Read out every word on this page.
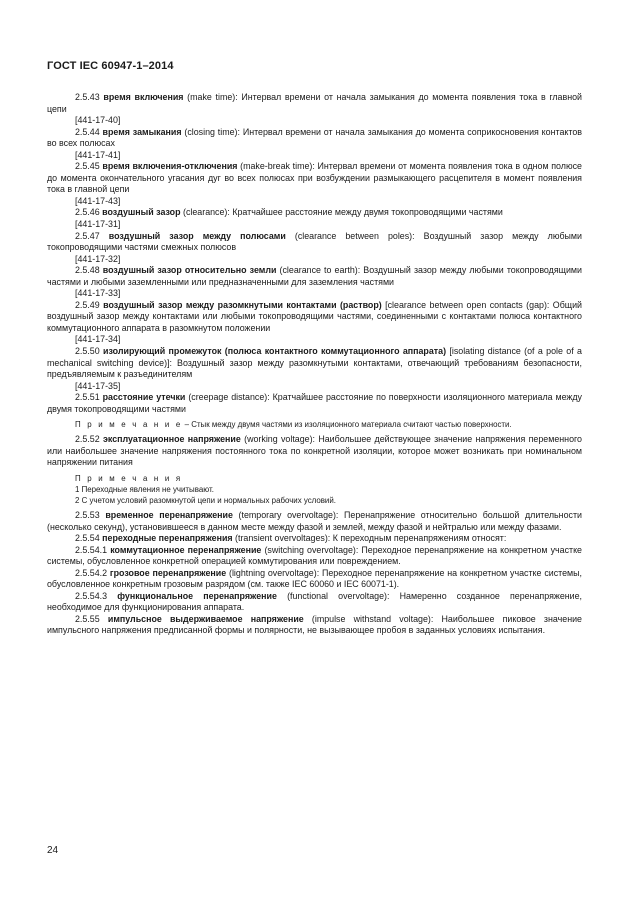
ГОСТ IEC 60947-1–2014

2.5.43 время включения (make time): Интервал времени от начала замыкания до момента появления тока в главной цепи

[441-17-40]

2.5.44 время замыкания (closing time): Интервал времени от начала замыкания до момента соприкосновения контактов во всех полюсах

[441-17-41]

2.5.45 время включения-отключения (make-break time): Интервал времени от момента появления тока в одном полюсе до момента окончательного угасания дуг во всех полюсах при возбуждении размыкающего расцепителя в момент появления тока в главной цепи

[441-17-43]

2.5.46 воздушный зазор (clearance): Кратчайшее расстояние между двумя токопроводящими частями

[441-17-31]

2.5.47 воздушный зазор между полюсами (clearance between poles): Воздушный зазор между любыми токопроводящими частями смежных полюсов

[441-17-32]

2.5.48 воздушный зазор относительно земли (clearance to earth): Воздушный зазор между любыми токопроводящими частями и любыми заземленными или предназначенными для заземления частями

[441-17-33]

2.5.49 воздушный зазор между разомкнутыми контактами (раствор) [clearance between open contacts (gap): Общий воздушный зазор между контактами или любыми токопроводящими частями, соединенными с контактами полюса контактного коммутационного аппарата в разомкнутом положении

[441-17-34]

2.5.50 изолирующий промежуток (полюса контактного коммутационного аппарата) [isolating distance (of a pole of a mechanical switching device)]: Воздушный зазор между разомкнутыми контактами, отвечающий требованиям безопасности, предъявляемым к разъединителям

[441-17-35]

2.5.51 расстояние утечки (creepage distance): Кратчайшее расстояние по поверхности изоляционного материала между двумя токопроводящими частями

П р и м е ч а н и е – Стык между двумя частями из изоляционного материала считают частью поверхности.

2.5.52 эксплуатационное напряжение (working voltage): Наибольшее действующее значение напряжения переменного или наибольшее значение напряжения постоянного тока по конкретной изоляции, которое может возникать при номинальном напряжении питания

П р и м е ч а н и я
1 Переходные явления не учитывают.
2 С учетом условий разомкнутой цепи и нормальных рабочих условий.

2.5.53 временное перенапряжение (temporary overvoltage): Перенапряжение относительно большой длительности (несколько секунд), установившееся в данном месте между фазой и землей, между фазой и нейтралью или между фазами.

2.5.54 переходные перенапряжения (transient overvoltages): К переходным перенапряжениям относят:

2.5.54.1 коммутационное перенапряжение (switching overvoltage): Переходное перенапряжение на конкретном участке системы, обусловленное конкретной операцией коммутирования или повреждением.

2.5.54.2 грозовое перенапряжение (lightning overvoltage): Переходное перенапряжение на конкретном участке системы, обусловленное конкретным грозовым разрядом (см. также IEC 60060 и IEC 60071-1).

2.5.54.3 функциональное перенапряжение (functional overvoltage): Намеренно созданное перенапряжение, необходимое для функционирования аппарата.

2.5.55 импульсное выдерживаемое напряжение (impulse withstand voltage): Наибольшее пиковое значение импульсного напряжения предписанной формы и полярности, не вызывающее пробоя в заданных условиях испытания.

24
